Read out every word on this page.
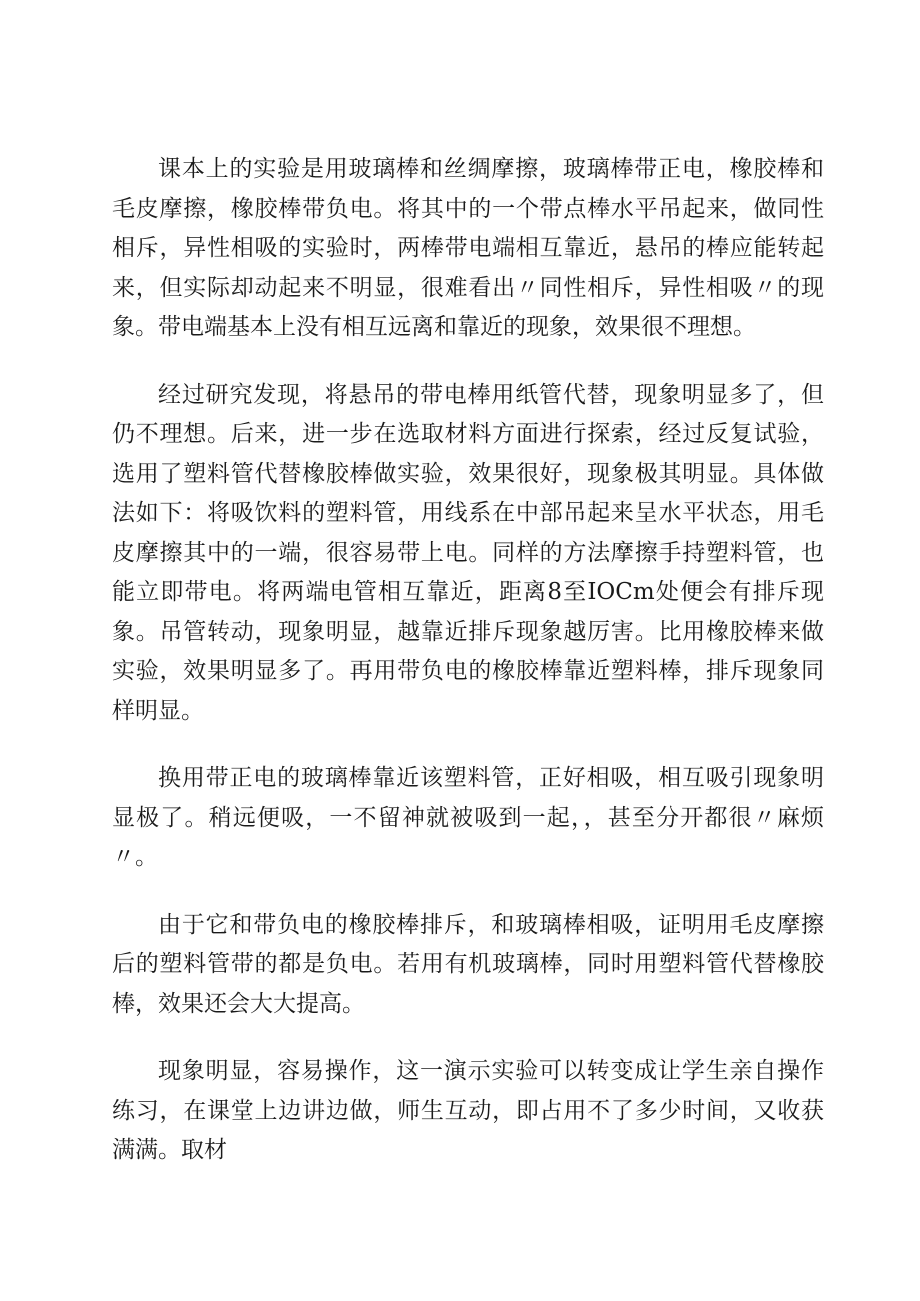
课本上的实验是用玻璃棒和丝绸摩擦，玻璃棒带正电，橡胶棒和毛皮摩擦，橡胶棒带负电。将其中的一个带点棒水平吊起来，做同性相斥，异性相吸的实验时，两棒带电端相互靠近，悬吊的棒应能转起来，但实际却动起来不明显，很难看出〃同性相斥，异性相吸〃的现象。带电端基本上没有相互远离和靠近的现象，效果很不理想。

经过研究发现，将悬吊的带电棒用纸管代替，现象明显多了，但仍不理想。后来，进一步在选取材料方面进行探索，经过反复试验，选用了塑料管代替橡胶棒做实验，效果很好，现象极其明显。具体做法如下：将吸饮料的塑料管，用线系在中部吊起来呈水平状态，用毛皮摩擦其中的一端，很容易带上电。同样的方法摩擦手持塑料管，也能立即带电。将两端电管相互靠近，距离8至IOCm处便会有排斥现象。吊管转动，现象明显，越靠近排斥现象越厉害。比用橡胶棒来做实验，效果明显多了。再用带负电的橡胶棒靠近塑料棒，排斥现象同样明显。

换用带正电的玻璃棒靠近该塑料管，正好相吸，相互吸引现象明显极了。稍远便吸，一不留神就被吸到一起，，甚至分开都很〃麻烦〃。

由于它和带负电的橡胶棒排斥，和玻璃棒相吸，证明用毛皮摩擦后的塑料管带的都是负电。若用有机玻璃棒，同时用塑料管代替橡胶棒，效果还会大大提高。

现象明显，容易操作，这一演示实验可以转变成让学生亲自操作练习，在课堂上边讲边做，师生互动，即占用不了多少时间，又收获满满。取材
